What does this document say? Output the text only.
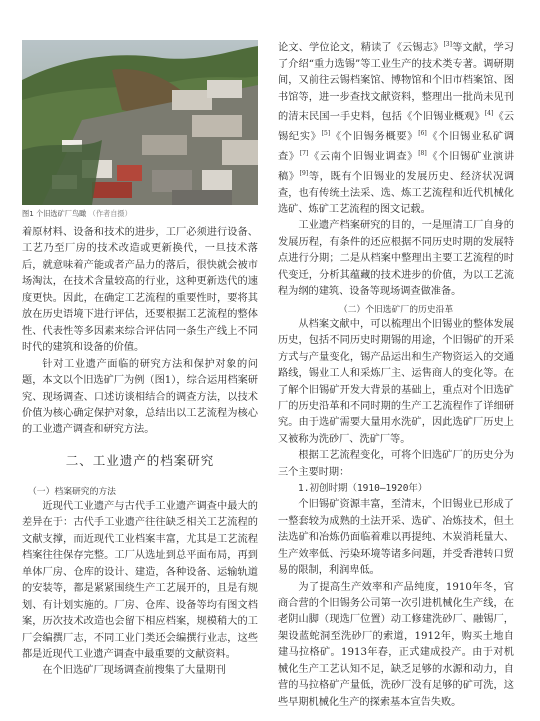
图1 个旧选矿厂鸟瞰 （作者自摄）

着原材料、设备和技术的进步，工厂必须进行设备、工艺乃至厂房的技术改造或更新换代，一旦技术落后，就意味着产能或者产品力的落后，很快就会被市场淘汰，在技术含量较高的行业，这种更新迭代的速度更快。因此，在确定工艺流程的重要性时，要将其放在历史语境下进行评估，还要根据工艺流程的整体性、代表性等多因素来综合评估同一条生产线上不同时代的建筑和设备的价值。

针对工业遗产面临的研究方法和保护对象的问题，本文以个旧选矿厂为例（图1），综合运用档案研究、现场调查、口述访谈相结合的调查方法，以技术价值为核心确定保护对象，总结出以工艺流程为核心的工业遗产调查和研究方法。

二、工业遗产的档案研究
（一）档案研究的方法

近现代工业遗产与古代手工业遗产调查中最大的差异在于：古代手工业遗产往往缺乏相关工艺流程的文献支撑，而近现代工业档案丰富，尤其是工艺流程档案往往保存完整。工厂从选址到总平面布局，再到单体厂房、仓库的设计、建造，各种设备、运输轨道的安装等，都是紧紧围绕生产工艺展开的，且是有规划、有计划实施的。厂房、仓库、设备等均有图文档案，历次技术改造也会留下相应档案，规模稍大的工厂会编撰厂志，不同工业门类还会编撰行业志，这些都是近现代工业遗产调查中最重要的文献资料。

在个旧选矿厂现场调查前搜集了大量期刊

论文、学位论文，精读了《云锡志》[3]等文献，学习了介绍“重力选锡”等工业生产的技术类专著。调研期间，又前往云锡档案馆、博物馆和个旧市档案馆、图书馆等，进一步查找文献资料，整理出一批尚未见刊的清末民国一手史料，包括《个旧锡业概观》[4]《云锡纪实》[5]《个旧锡务概要》[6]《个旧锡业私矿调查》[7]《云南个旧锡业调查》[8]《个旧锡矿业演讲稿》[9]等，既有个旧锡业的发展历史、经济状况调查，也有传统土法采、选、炼工艺流程和近代机械化选矿、炼矿工艺流程的图文记载。

工业遗产档案研究的目的，一是厘清工厂自身的发展历程，有条件的还应根据不同历史时期的发展特点进行分期；二是从档案中整理出主要工艺流程的时代变迁，分析其蕴藏的技术进步的价值，为以工艺流程为纲的建筑、设备等现场调查做准备。

（二）个旧选矿厂的历史沿革

从档案文献中，可以梳理出个旧锡业的整体发展历史，包括不同历史时期锡的用途，个旧锡矿的开采方式与产量变化，锡产品运出和生产物资运入的交通路线，锡业工人和采炼厂主、运售商人的变化等。在了解个旧锡矿开发大背景的基础上，重点对个旧选矿厂的历史沿革和不同时期的生产工艺流程作了详细研究。由于选矿需要大量用水洗矿，因此选矿厂历史上又被称为洗砂厂、洗矿厂等。

根据工艺流程变化，可将个旧选矿厂的历史分为三个主要时期：

1.初创时期（1910—1920年）

个旧锡矿资源丰富，至清末，个旧锡业已形成了一整套较为成熟的土法开采、选矿、冶炼技术，但土法选矿和冶炼仍面临着难以再提纯、木炭消耗量大、生产效率低、污染环境等诸多问题，并受香港转口贸易的限制，利润卑低。

为了提高生产效率和产品纯度，1910年冬，官商合营的个旧锡务公司第一次引进机械化生产线，在老阴山脚（现选厂位置）动工修建洗砂厂、融锡厂，架设蓝蛇洞至洗砂厂的索道，1912年，购买土地自建马拉格矿。1913年春，正式建成投产。由于对机械化生产工艺认知不足，缺乏足够的水源和动力，自营的马拉格矿产量低，洗砂厂没有足够的矿可洗，这些早期机械化生产的探索基本宣告失败。
